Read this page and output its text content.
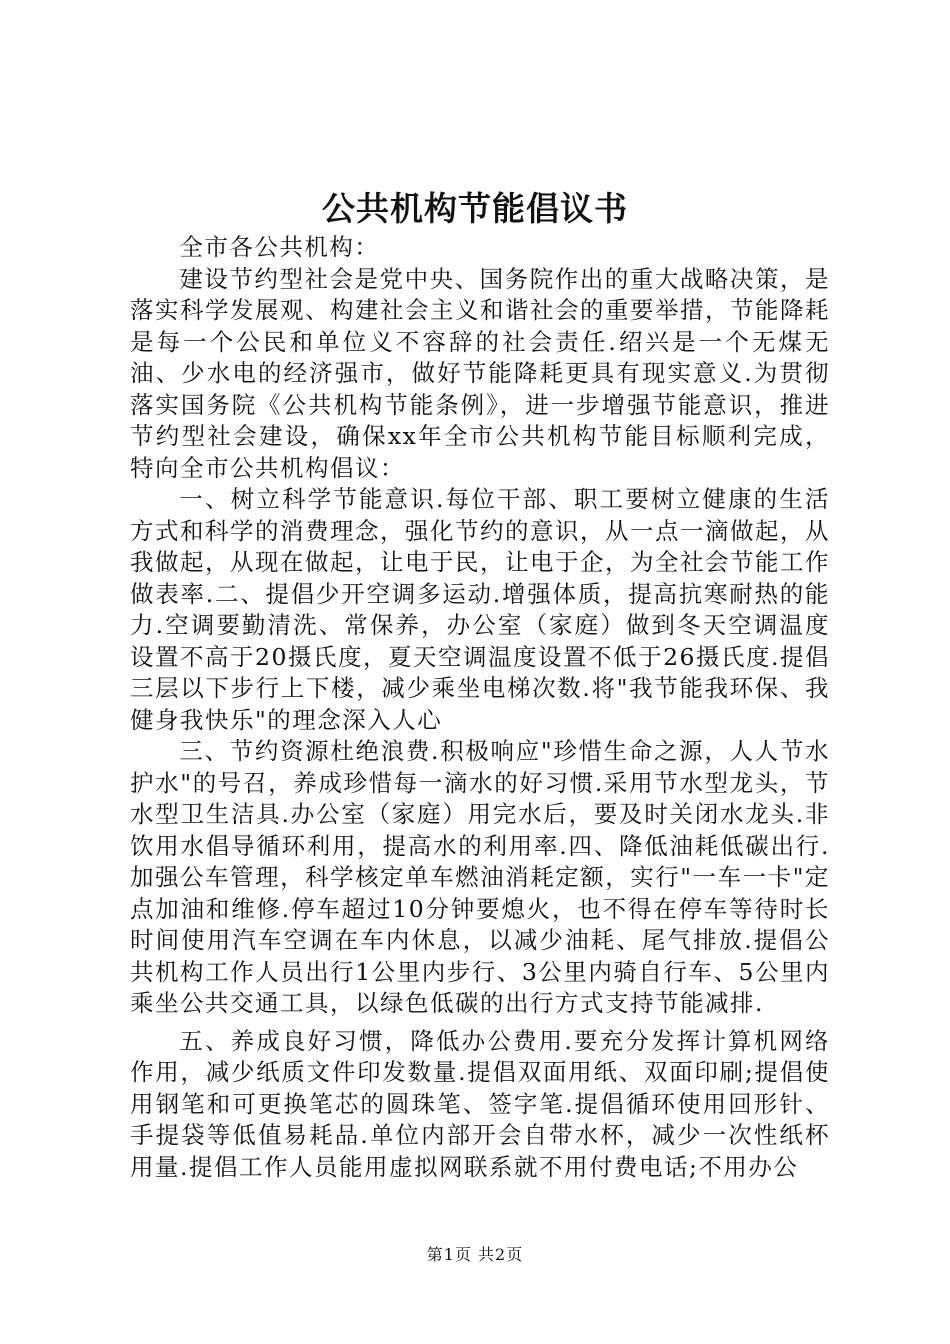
公共机构节能倡议书

全市各公共机构：

建设节约型社会是党中央、国务院作出的重大战略决策，是落实科学发展观、构建社会主义和谐社会的重要举措，节能降耗是每一个公民和单位义不容辞的社会责任.绍兴是一个无煤无油、少水电的经济强市，做好节能降耗更具有现实意义.为贯彻落实国务院《公共机构节能条例》，进一步增强节能意识，推进节约型社会建设，确保xx年全市公共机构节能目标顺利完成，特向全市公共机构倡议：

一、树立科学节能意识.每位干部、职工要树立健康的生活方式和科学的消费理念，强化节约的意识，从一点一滴做起，从我做起，从现在做起，让电于民，让电于企，为全社会节能工作做表率.二、提倡少开空调多运动.增强体质，提高抗寒耐热的能力.空调要勤清洗、常保养，办公室（家庭）做到冬天空调温度设置不高于20摄氏度，夏天空调温度设置不低于26摄氏度.提倡三层以下步行上下楼，减少乘坐电梯次数.将"我节能我环保、我健身我快乐"的理念深入人心

三、节约资源杜绝浪费.积极响应"珍惜生命之源，人人节水护水"的号召，养成珍惜每一滴水的好习惯.采用节水型龙头，节水型卫生洁具.办公室（家庭）用完水后，要及时关闭水龙头.非饮用水倡导循环利用，提高水的利用率.四、降低油耗低碳出行.加强公车管理，科学核定单车燃油消耗定额，实行"一车一卡"定点加油和维修.停车超过10分钟要熄火，也不得在停车等待时长时间使用汽车空调在车内休息，以减少油耗、尾气排放.提倡公共机构工作人员出行1公里内步行、3公里内骑自行车、5公里内乘坐公共交通工具，以绿色低碳的出行方式支持节能减排.

五、养成良好习惯，降低办公费用.要充分发挥计算机网络作用，减少纸质文件印发数量.提倡双面用纸、双面印刷;提倡使用钢笔和可更换笔芯的圆珠笔、签字笔.提倡循环使用回形针、手提袋等低值易耗品.单位内部开会自带水杯，减少一次性纸杯用量.提倡工作人员能用虚拟网联系就不用付费电话;不用办公

第1页 共2页
